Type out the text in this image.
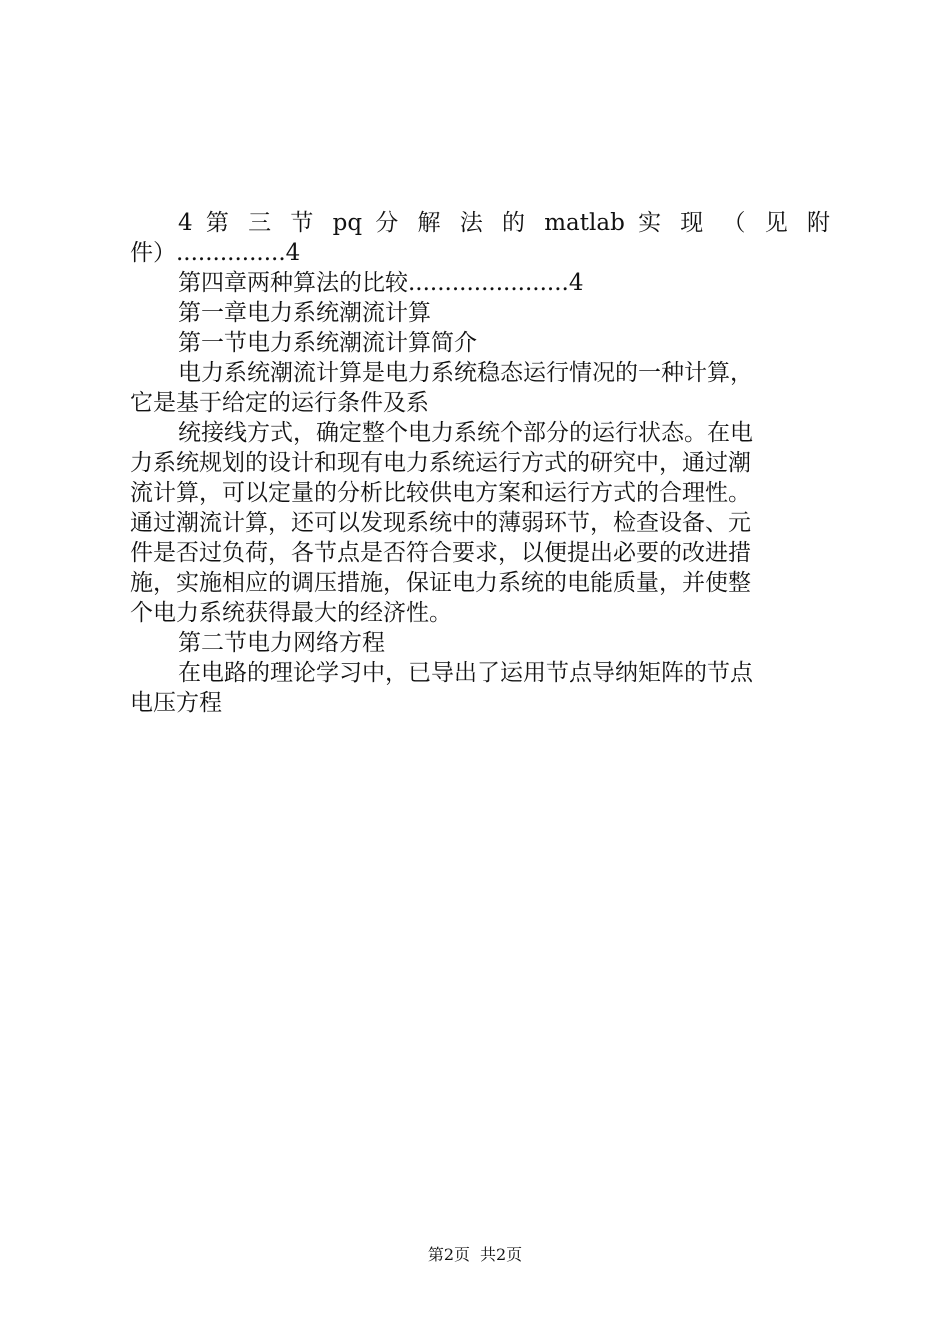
4 第 三 节 pq 分 解 法 的 matlab 实 现 （ 见 附
件）...............4
第四章两种算法的比较......................4
第一章电力系统潮流计算
第一节电力系统潮流计算简介
电力系统潮流计算是电力系统稳态运行情况的一种计算，
它是基于给定的运行条件及系
统接线方式，确定整个电力系统个部分的运行状态。在电
力系统规划的设计和现有电力系统运行方式的研究中，通过潮
流计算，可以定量的分析比较供电方案和运行方式的合理性。
通过潮流计算，还可以发现系统中的薄弱环节，检查设备、元
件是否过负荷，各节点是否符合要求，以便提出必要的改进措
施，实施相应的调压措施，保证电力系统的电能质量，并使整
个电力系统获得最大的经济性。
第二节电力网络方程
在电路的理论学习中，已导出了运用节点导纳矩阵的节点
电压方程
第2页 共2页
